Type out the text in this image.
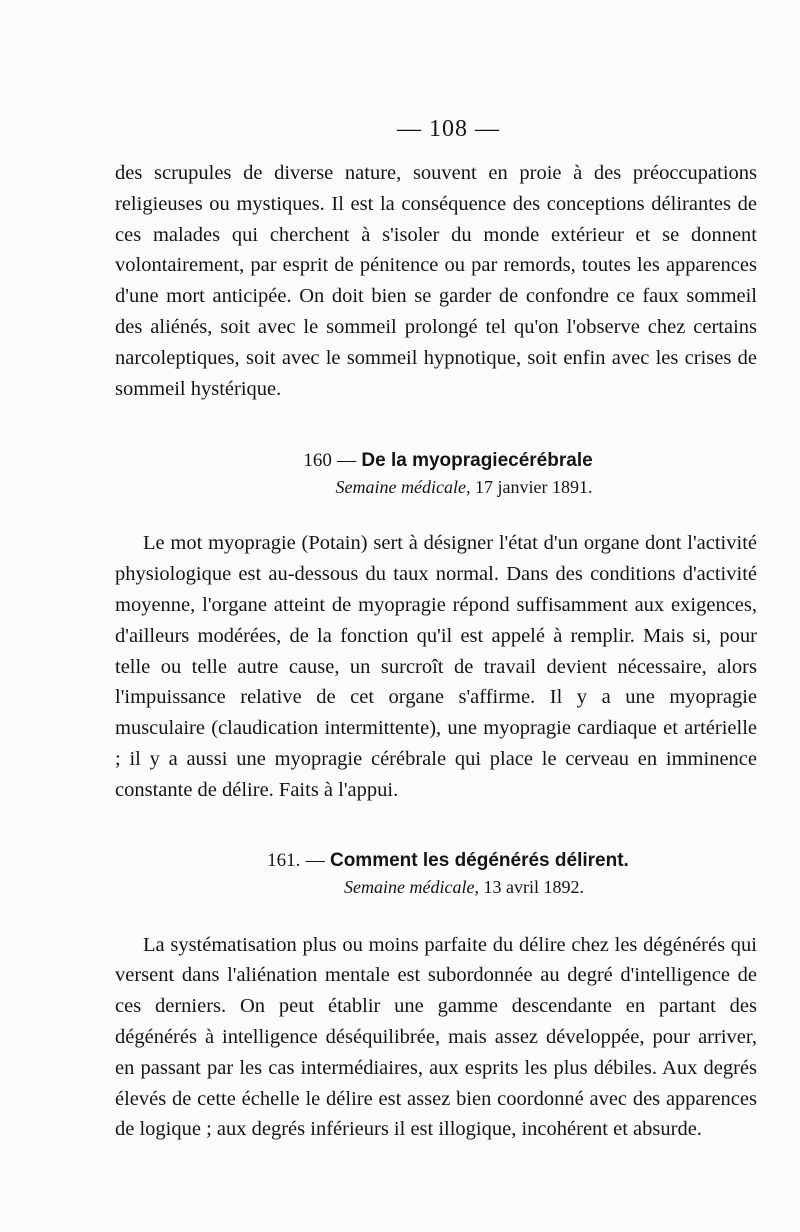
— 108 —

des scrupules de diverse nature, souvent en proie à des préoccupations religieuses ou mystiques. Il est la conséquence des conceptions délirantes de ces malades qui cherchent à s'isoler du monde extérieur et se donnent volontairement, par esprit de pénitence ou par remords, toutes les apparences d'une mort anticipée. On doit bien se garder de confondre ce faux sommeil des aliénés, soit avec le sommeil prolongé tel qu'on l'observe chez certains narcoleptiques, soit avec le sommeil hypnotique, soit enfin avec les crises de sommeil hystérique.

160 — De la myopragiecérébrale

Semaine médicale, 17 janvier 1891.

Le mot myopragie (Potain) sert à désigner l'état d'un organe dont l'activité physiologique est au-dessous du taux normal. Dans des conditions d'activité moyenne, l'organe atteint de myopragie répond suffisamment aux exigences, d'ailleurs modérées, de la fonction qu'il est appelé à remplir. Mais si, pour telle ou telle autre cause, un surcroît de travail devient nécessaire, alors l'impuissance relative de cet organe s'affirme. Il y a une myopragie musculaire (claudication intermittente), une myopragie cardiaque et artérielle ; il y a aussi une myopragie cérébrale qui place le cerveau en imminence constante de délire. Faits à l'appui.

161. — Comment les dégénérés délirent.

Semaine médicale, 13 avril 1892.

La systématisation plus ou moins parfaite du délire chez les dégénérés qui versent dans l'aliénation mentale est subordonnée au degré d'intelligence de ces derniers. On peut établir une gamme descendante en partant des dégénérés à intelligence déséquilibrée, mais assez développée, pour arriver, en passant par les cas intermédiaires, aux esprits les plus débiles. Aux degrés élevés de cette échelle le délire est assez bien coordonné avec des apparences de logique ; aux degrés inférieurs il est illogique, incohérent et absurde.
